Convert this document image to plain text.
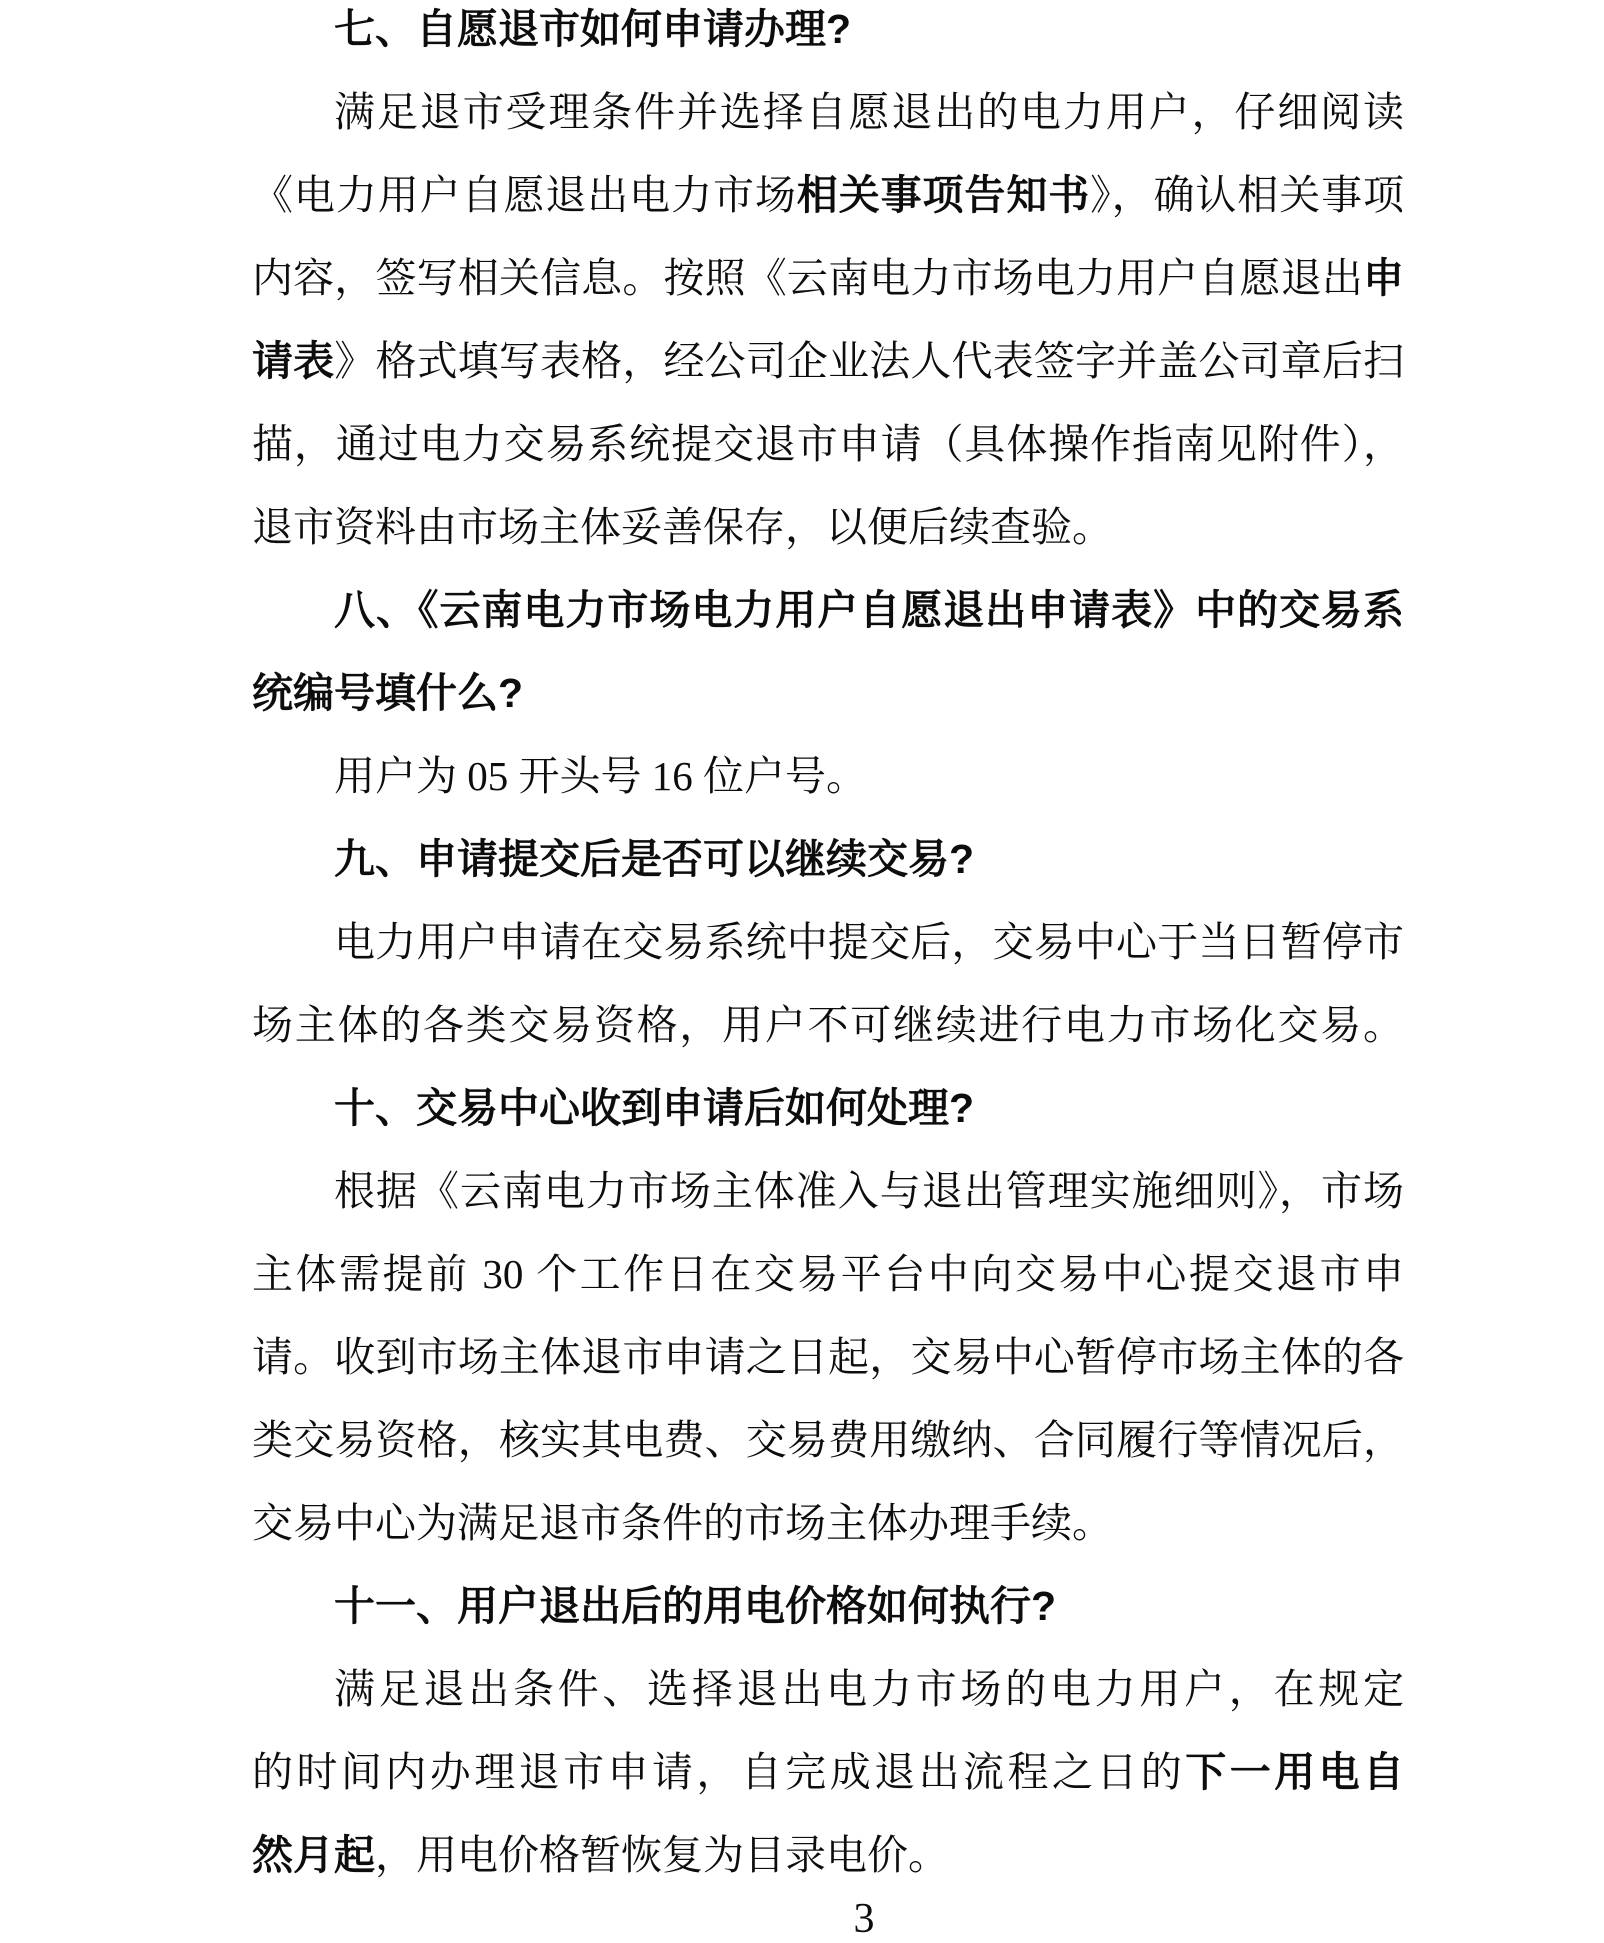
七、自愿退市如何申请办理?
满足退市受理条件并选择自愿退出的电力用户，仔细阅读
《电力用户自愿退出电力市场相关事项告知书》，确认相关事项
内容，签写相关信息。按照《云南电力市场电力用户自愿退出申
请表》格式填写表格，经公司企业法人代表签字并盖公司章后扫
描，通过电力交易系统提交退市申请（具体操作指南见附件），
退市资料由市场主体妥善保存，以便后续查验。
八、《云南电力市场电力用户自愿退出申请表》中的交易系
统编号填什么?
用户为 05 开头号 16 位户号。
九、申请提交后是否可以继续交易?
电力用户申请在交易系统中提交后，交易中心于当日暂停市
场主体的各类交易资格，用户不可继续进行电力市场化交易。
十、交易中心收到申请后如何处理?
根据《云南电力市场主体准入与退出管理实施细则》，市场
主体需提前 30 个工作日在交易平台中向交易中心提交退市申
请。收到市场主体退市申请之日起，交易中心暂停市场主体的各
类交易资格，核实其电费、交易费用缴纳、合同履行等情况后，
交易中心为满足退市条件的市场主体办理手续。
十一、用户退出后的用电价格如何执行?
满足退出条件、选择退出电力市场的电力用户，在规定
的时间内办理退市申请，自完成退出流程之日的下一用电自
然月起，用电价格暂恢复为目录电价。
3
